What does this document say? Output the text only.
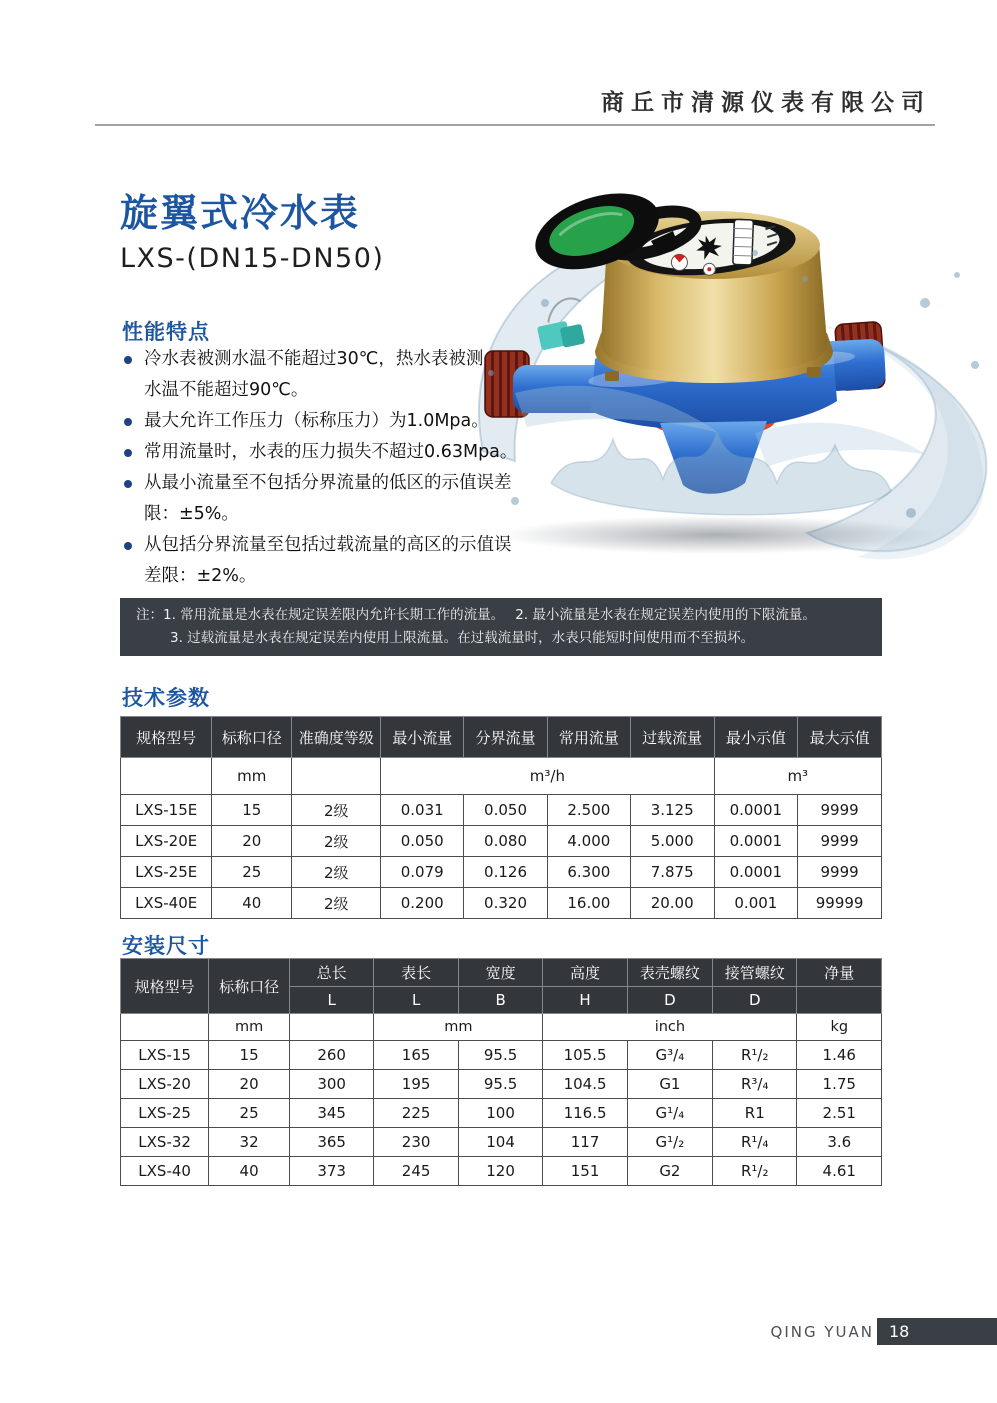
商丘市清源仪表有限公司
旋翼式冷水表
LXS-(DN15-DN50)
性能特点
冷水表被测水温不能超过30℃，热水表被测
水温不能超过90℃。
最大允许工作压力（标称压力）为1.0Mpa。
常用流量时，水表的压力损失不超过0.63Mpa。
从最小流量至不包括分界流量的低区的示值误差
限：±5%。
从包括分界流量至包括过载流量的高区的示值误
差限：±2%。
注：1. 常用流量是水表在规定误差限内允许长期工作的流量。　 2. 最小流量是水表在规定误差内使用的下限流量。
3. 过载流量是水表在规定误差内使用上限流量。在过载流量时，水表只能短时间使用而不至损坏。
技术参数
规格型号	标称口径	准确度等级	最小流量	分界流量	常用流量	过载流量	最小示值	最大示值
	mm		m³/h				m³	
LXS-15E	15	2级	0.031	0.050	2.500	3.125	0.0001	9999
LXS-20E	20	2级	0.050	0.080	4.000	5.000	0.0001	9999
LXS-25E	25	2级	0.079	0.126	6.300	7.875	0.0001	9999
LXS-40E	40	2级	0.200	0.320	16.00	20.00	0.001	99999
安装尺寸
规格型号	标称口径	总长	表长	宽度	高度	表壳螺纹	接管螺纹	净量
		L	L	B	H	D	D	
	mm		mm		inch			kg
LXS-15	15	260	165	95.5	105.5	G³/₄	R¹/₂	1.46
LXS-20	20	300	195	95.5	104.5	G1	R³/₄	1.75
LXS-25	25	345	225	100	116.5	G¹/₄	R1	2.51
LXS-32	32	365	230	104	117	G¹/₂	R¹/₄	3.6
LXS-40	40	373	245	120	151	G2	R¹/₂	4.61
QING YUAN 18
